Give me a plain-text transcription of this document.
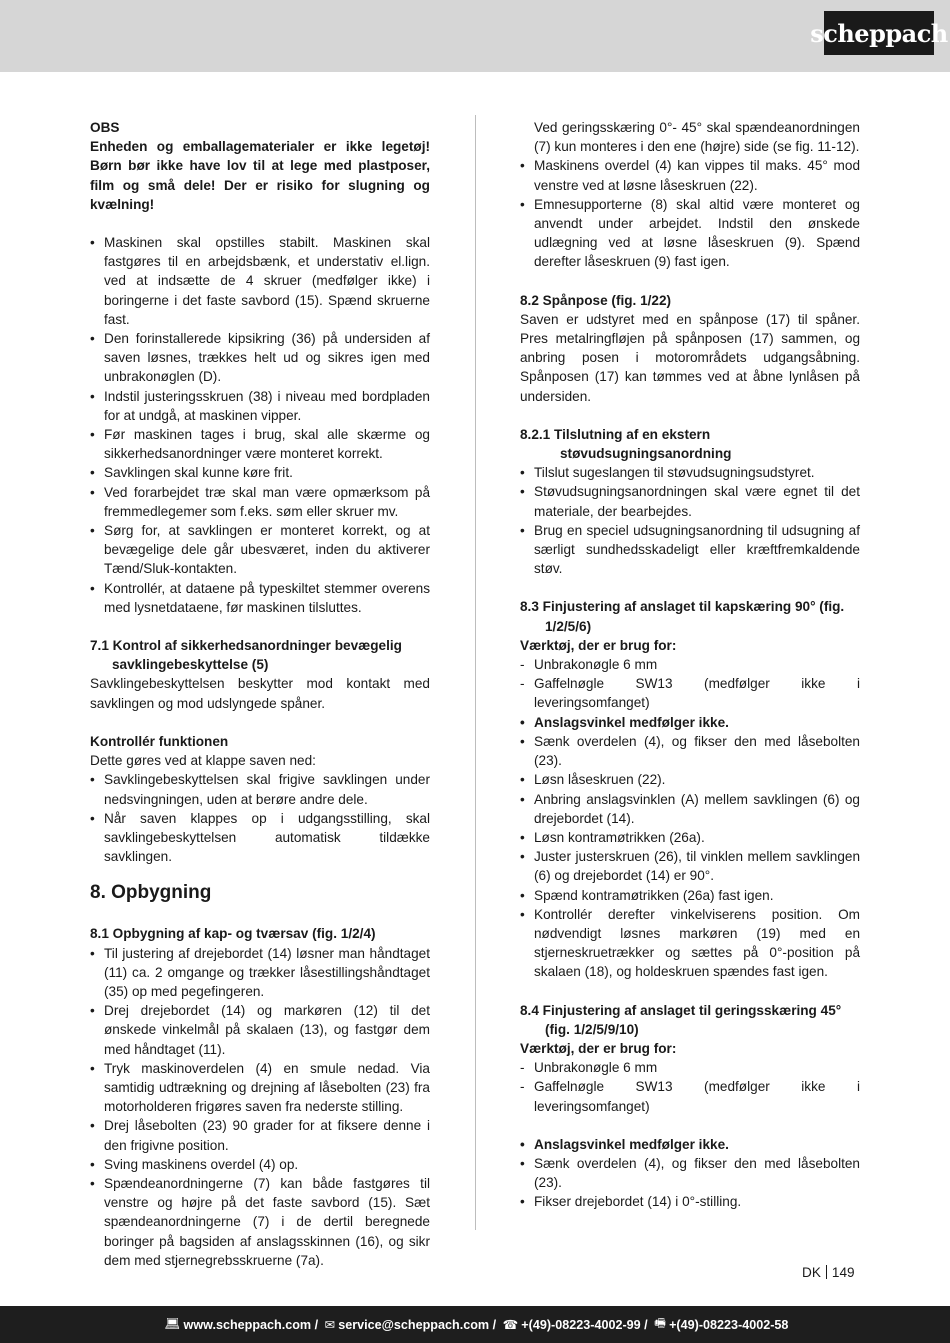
scheppach

OBS

Enheden og emballagematerialer er ikke legetøj! Børn bør ikke have lov til at lege med plastposer, film og små dele! Der er risiko for slugning og kvælning!

• Maskinen skal opstilles stabilt. Maskinen skal fastgøres til en arbejdsbænk, et understativ el.lign. ved at indsætte de 4 skruer (medfølger ikke) i boringerne i det faste savbord (15). Spænd skruerne fast.
• Den forinstallerede kipsikring (36) på undersiden af saven løsnes, trækkes helt ud og sikres igen med unbrakonøglen (D).
• Indstil justeringsskruen (38) i niveau med bordpladen for at undgå, at maskinen vipper.
• Før maskinen tages i brug, skal alle skærme og sikkerhedsanordninger være monteret korrekt.
• Savklingen skal kunne køre frit.
• Ved forarbejdet træ skal man være opmærksom på fremmedlegemer som f.eks. søm eller skruer mv.
• Sørg for, at savklingen er monteret korrekt, og at bevægelige dele går ubesværet, inden du aktiverer Tænd/Sluk-kontakten.
• Kontrollér, at dataene på typeskiltet stemmer overens med lysnetdataene, før maskinen tilsluttes.

7.1 Kontrol af sikkerhedsanordninger bevægelig savklingebeskyttelse (5)

Savklingebeskyttelsen beskytter mod kontakt med savklingen og mod udslyngede spåner.

Kontrollér funktionen

Dette gøres ved at klappe saven ned:

• Savklingebeskyttelsen skal frigive savklingen under nedsvingningen, uden at berøre andre dele.
• Når saven klappes op i udgangsstilling, skal savklingebeskyttelsen automatisk tildække savklingen.

8. Opbygning

8.1 Opbygning af kap- og tværsav (fig. 1/2/4)

• Til justering af drejebordet (14) løsner man håndtaget (11) ca. 2 omgange og trækker låsestillingshåndtaget (35) op med pegefingeren.
• Drej drejebordet (14) og markøren (12) til det ønskede vinkelmål på skalaen (13), og fastgør dem med håndtaget (11).
• Tryk maskinoverdelen (4) en smule nedad. Via samtidig udtrækning og drejning af låsebolten (23) fra motorholderen frigøres saven fra nederste stilling.
• Drej låsebolten (23) 90 grader for at fiksere denne i den frigivne position.
• Sving maskinens overdel (4) op.
• Spændeanordningerne (7) kan både fastgøres til venstre og højre på det faste savbord (15). Sæt spændeanordningerne (7) i de dertil beregnede boringer på bagsiden af anslagsskinnen (16), og sikr dem med stjernegrebsskruerne (7a).

Ved geringsskæring 0°- 45° skal spændeanordningen (7) kun monteres i den ene (højre) side (se fig. 11-12).

• Maskinens overdel (4) kan vippes til maks. 45° mod venstre ved at løsne låseskruen (22).
• Emnesupporterne (8) skal altid være monteret og anvendt under arbejdet. Indstil den ønskede udlægning ved at løsne låseskruen (9). Spænd derefter låseskruen (9) fast igen.

8.2 Spånpose (fig. 1/22)

Saven er udstyret med en spånpose (17) til spåner. Pres metalringfløjen på spånposen (17) sammen, og anbring posen i motorområdets udgangsåbning. Spånposen (17) kan tømmes ved at åbne lynlåsen på undersiden.

8.2.1 Tilslutning af en ekstern støvudsugningsanordning

• Tilslut sugeslangen til støvudsugningsudstyret.
• Støvudsugningsanordningen skal være egnet til det materiale, der bearbejdes.
• Brug en speciel udsugningsanordning til udsugning af særligt sundhedsskadeligt eller kræftfremkaldende støv.

8.3 Finjustering af anslaget til kapskæring 90° (fig. 1/2/5/6)

Værktøj, der er brug for:

- Unbrakonøgle 6 mm
- Gaffelnøgle SW13 (medfølger ikke i leveringsomfanget)
• Anslagsvinkel medfølger ikke.
• Sænk overdelen (4), og fikser den med låsebolten (23).
• Løsn låseskruen (22).
• Anbring anslagsvinklen (A) mellem savklingen (6) og drejebordet (14).
• Løsn kontramøtrikken (26a).
• Juster justerskruen (26), til vinklen mellem savklingen (6) og drejebordet (14) er 90°.
• Spænd kontramøtrikken (26a) fast igen.
• Kontrollér derefter vinkelviserens position. Om nødvendigt løsnes markøren (19) med en stjerneskruetrækker og sættes på 0°-position på skalaen (18), og holdeskruen spændes fast igen.

8.4 Finjustering af anslaget til geringsskæring 45° (fig. 1/2/5/9/10)

Værktøj, der er brug for:

- Unbrakonøgle 6 mm
- Gaffelnøgle SW13 (medfølger ikke i leveringsomfanget)
• Anslagsvinkel medfølger ikke.
• Sænk overdelen (4), og fikser den med låsebolten (23).
• Fikser drejebordet (14) i 0°-stilling.
DK 149
💻︎ www.scheppach.com / ✉︎ service@scheppach.com / ☎︎ +(49)-08223-4002-99 / 🖷︎ +(49)-08223-4002-58
